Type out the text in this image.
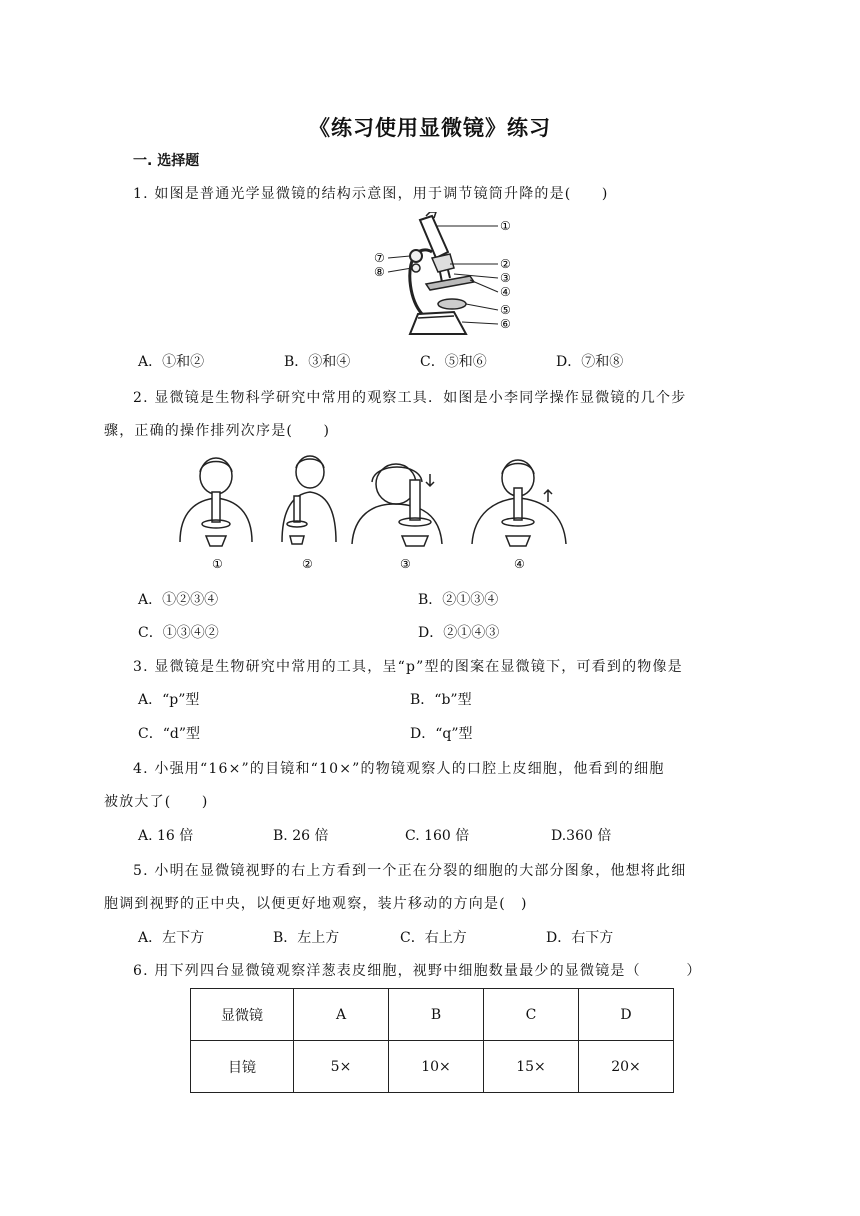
《练习使用显微镜》练习
一. 选择题
1. 如图是普通光学显微镜的结构示意图，用于调节镜筒升降的是(　　)
①
②
③
④
⑤
⑥
⑦
⑧
A．①和②	B．③和④	C．⑤和⑥	D．⑦和⑧
2. 显微镜是生物科学研究中常用的观察工具．如图是小李同学操作显微镜的几个步
骤，正确的操作排列次序是(　　)
①	②	③	④
A．①②③④	B．②①③④
C．①③④②	D．②①④③
3. 显微镜是生物研究中常用的工具，呈“p”型的图案在显微镜下，可看到的物像是
A．“p”型	B．“b”型
C．“d”型	D．“q”型
4. 小强用“16×”的目镜和“10×”的物镜观察人的口腔上皮细胞，他看到的细胞
被放大了(　　)
A. 16 倍	B. 26 倍	C. 160 倍	D.360 倍
5. 小明在显微镜视野的右上方看到一个正在分裂的细胞的大部分图象，他想将此细
胞调到视野的正中央，以便更好地观察，装片移动的方向是(　)
A．左下方	B．左上方	C．右上方	D．右下方
6. 用下列四台显微镜观察洋葱表皮细胞，视野中细胞数量最少的显微镜是（　　　）
显微镜	A	B	C	D
目镜	5×	10×	15×	20×
